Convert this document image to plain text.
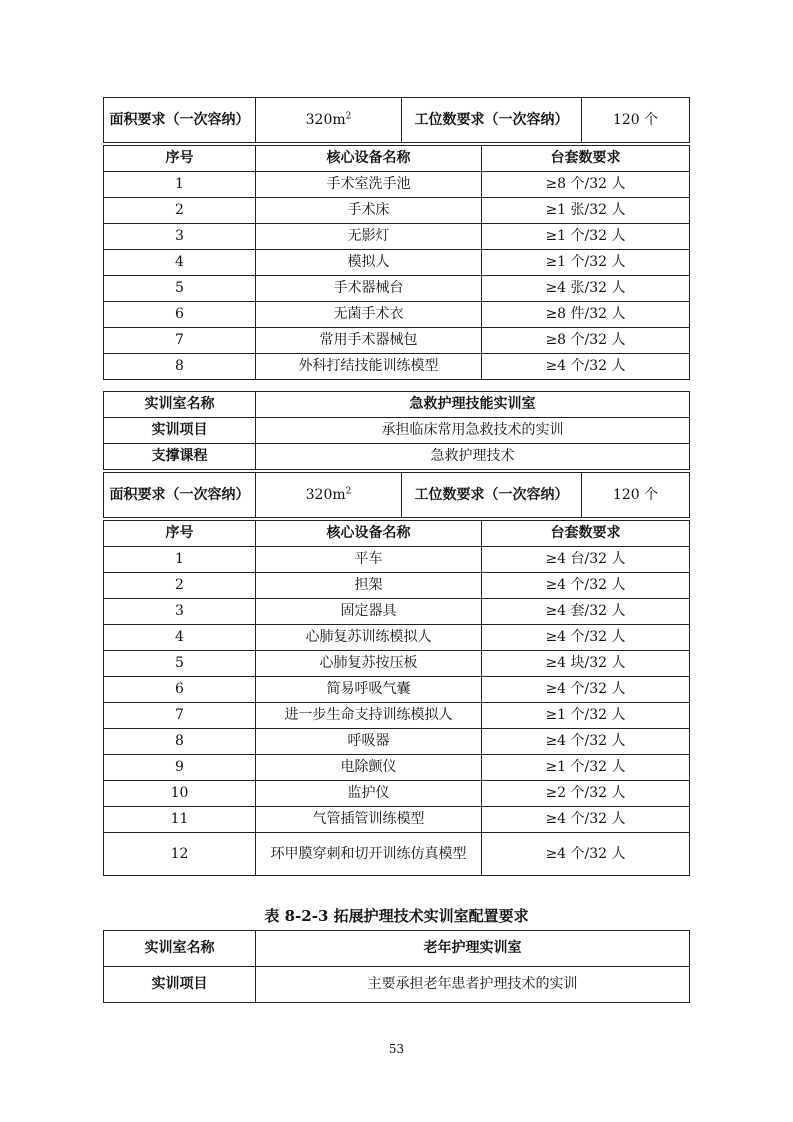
面积要求（一次容纳）	$320m^2$	工位数要求（一次容纳）	120 个
序号	核心设备名称	台套数要求
1	手术室洗手池	≥8 个/32 人
2	手术床	≥1 张/32 人
3	无影灯	≥1 个/32 人
4	模拟人	≥1 个/32 人
5	手术器械台	≥4 张/32 人
6	无菌手术衣	≥8 件/32 人
7	常用手术器械包	≥8 个/32 人
8	外科打结技能训练模型	≥4 个/32 人
实训室名称	急救护理技能实训室
实训项目	承担临床常用急救技术的实训
支撑课程	急救护理技术
面积要求（一次容纳）	$320m^2$	工位数要求（一次容纳）	120 个
序号	核心设备名称	台套数要求
1	平车	≥4 台/32 人
2	担架	≥4 个/32 人
3	固定器具	≥4 套/32 人
4	心肺复苏训练模拟人	≥4 个/32 人
5	心肺复苏按压板	≥4 块/32 人
6	简易呼吸气囊	≥4 个/32 人
7	进一步生命支持训练模拟人	≥1 个/32 人
8	呼吸器	≥4 个/32 人
9	电除颤仪	≥1 个/32 人
10	监护仪	≥2 个/32 人
11	气管插管训练模型	≥4 个/32 人
12	环甲膜穿刺和切开训练仿真模型	≥4 个/32 人
表 8-2-3 拓展护理技术实训室配置要求
实训室名称	老年护理实训室
实训项目	主要承担老年患者护理技术的实训
53
